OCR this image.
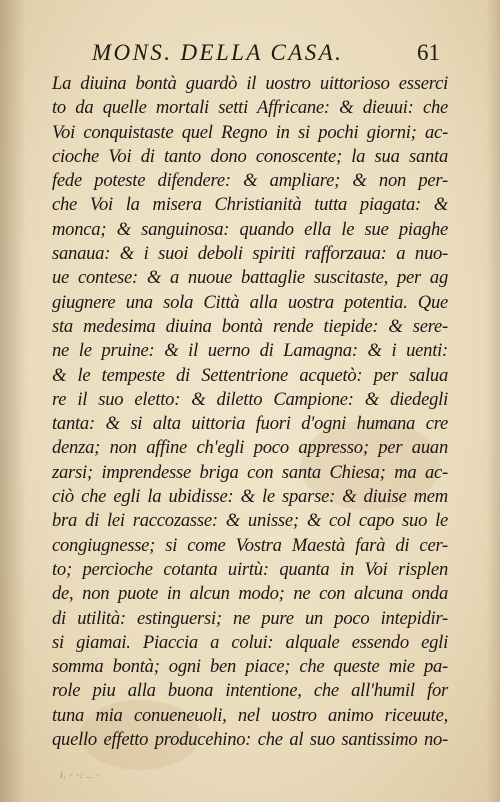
MONS. DELLA CASA.	61
La diuina bontà guardò il uostro uittorioso esserci
to da quelle mortali setti Affricane: & dieuui: che
Voi conquistaste quel Regno in si pochi giorni; ac-
cioche Voi di tanto dono conoscente; la sua santa
fede poteste difendere: & ampliare; & non per-
che Voi la misera Christianità tutta piagata: &
monca; & sanguinosa: quando ella le sue piaghe
sanaua: & i suoi deboli spiriti rafforzaua: a nuo-
ue contese: & a nuoue battaglie suscitaste, per ag
giugnere una sola Città alla uostra potentia. Que
sta medesima diuina bontà rende tiepide: & sere-
ne le pruine: & il uerno di Lamagna: & i uenti:
& le tempeste di Settentrione acquetò: per salua
re il suo eletto: & diletto Campione: & diedegli
tanta: & si alta uittoria fuori d'ogni humana cre
denza; non affine ch'egli poco appresso; per auan
zarsi; imprendesse briga con santa Chiesa; ma ac-
ciò che egli la ubidisse: & le sparse: & diuise mem
bra di lei raccozasse: & unisse; & col capo suo le
congiugnesse; si come Vostra Maestà farà di cer-
to; percioche cotanta uirtù: quanta in Voi risplen
de, non puote in alcun modo; ne con alcuna onda
di utilità: estinguersi; ne pure un poco intepidir-
si giamai. Piaccia a colui: alquale essendo egli
somma bontà; ogni ben piace; che queste mie pa-
role piu alla buona intentione, che all'humil for
tuna mia conueneuoli, nel uostro animo riceuute,
quello effetto producehino: che al suo santissimo no-
i. · ·: .. ·
